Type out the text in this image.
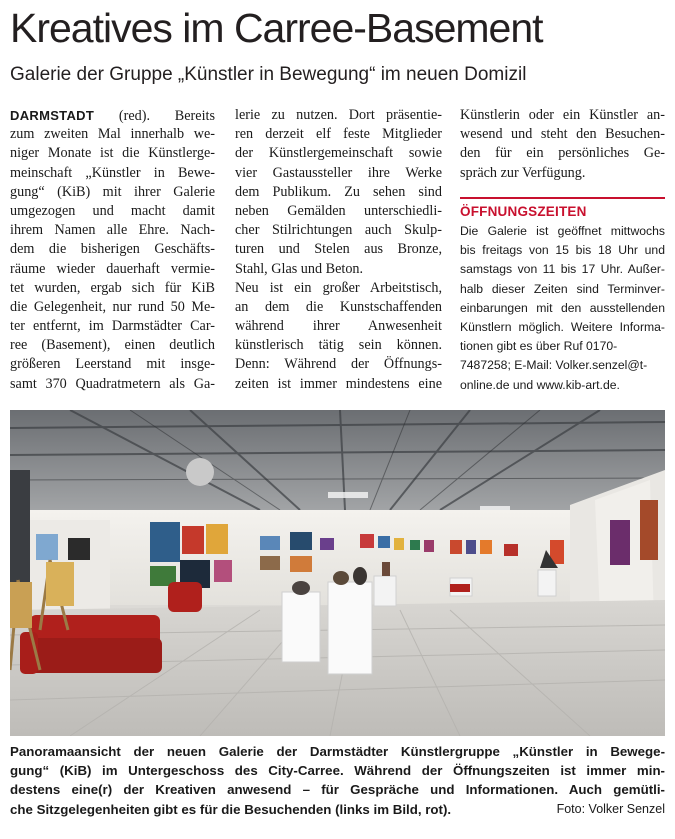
Kreatives im Carree-Basement
Galerie der Gruppe „Künstler in Bewegung“ im neuen Domizil
DARMSTADT (red). Bereits
zum zweiten Mal innerhalb we-
niger Monate ist die Künstlerge-
meinschaft „Künstler in Bewe-
gung“ (KiB) mit ihrer Galerie
umgezogen und macht damit
ihrem Namen alle Ehre. Nach-
dem die bisherigen Geschäfts-
räume wieder dauerhaft vermie-
tet wurden, ergab sich für KiB
die Gelegenheit, nur rund 50 Me-
ter entfernt, im Darmstädter Car-
ree (Basement), einen deutlich
größeren Leerstand mit insge-
samt 370 Quadratmetern als Ga-
lerie zu nutzen. Dort präsentie-
ren derzeit elf feste Mitglieder
der Künstlergemeinschaft sowie
vier Gastaussteller ihre Werke
dem Publikum. Zu sehen sind
neben Gemälden unterschiedli-
cher Stilrichtungen auch Skulp-
turen und Stelen aus Bronze,
Stahl, Glas und Beton.
Neu ist ein großer Arbeitstisch,
an dem die Kunstschaffenden
während ihrer Anwesenheit
künstlerisch tätig sein können.
Denn: Während der Öffnungs-
zeiten ist immer mindestens eine
Künstlerin oder ein Künstler an-
wesend und steht den Besuchen-
den für ein persönliches Ge-
spräch zur Verfügung.
ÖFFNUNGSZEITEN
Die Galerie ist geöffnet mittwochs
bis freitags von 15 bis 18 Uhr und
samstags von 11 bis 17 Uhr. Außer-
halb dieser Zeiten sind Terminver-
einbarungen mit den ausstellenden
Künstlern möglich. Weitere Informa-
tionen gibt es über Ruf 0170-
7487258; E-Mail: Volker.senzel@t-
online.de und www.kib-art.de.
Panoramaansicht der neuen Galerie der Darmstädter Künstlergruppe „Künstler in Bewege-
gung“ (KiB) im Untergeschoss des City-Carree. Während der Öffnungszeiten ist immer min-
destens eine(r) der Kreativen anwesend – für Gespräche und Informationen. Auch gemütli-
che Sitzgelegenheiten gibt es für die Besuchenden (links im Bild, rot).	Foto: Volker Senzel
